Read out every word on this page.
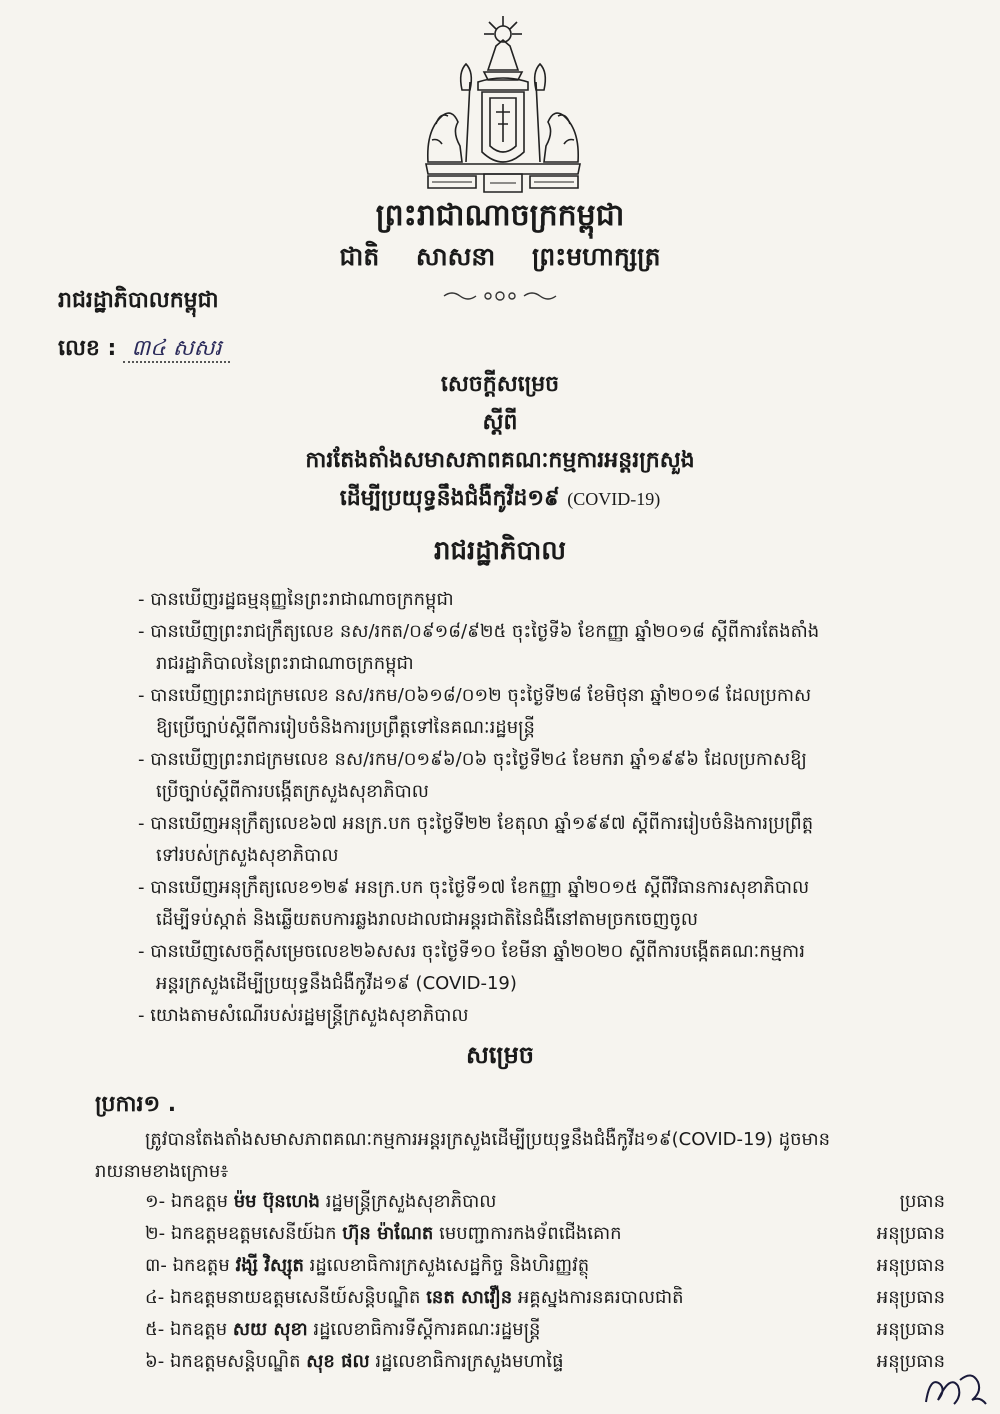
ព្រះរាជាណាចក្រកម្ពុជា
ជាតិ សាសនា ព្រះមហាក្សត្រ
រាជរដ្ឋាភិបាលកម្ពុជា
លេខ : ៣៤ សសរ
សេចក្តីសម្រេច
ស្តីពី
ការតែងតាំងសមាសភាពគណៈកម្មការអន្តរក្រសួង
ដើម្បីប្រយុទ្ធនឹងជំងឺកូវីដ១៩ (COVID-19)
រាជរដ្ឋាភិបាល
- បានឃើញរដ្ឋធម្មនុញ្ញនៃព្រះរាជាណាចក្រកម្ពុជា
- បានឃើញព្រះរាជក្រឹត្យលេខ នស/រកត/០៩១៨/៩២៥ ចុះថ្ងៃទី៦ ខែកញ្ញា ឆ្នាំ២០១៨ ស្តីពីការតែងតាំង
រាជរដ្ឋាភិបាលនៃព្រះរាជាណាចក្រកម្ពុជា
- បានឃើញព្រះរាជក្រមលេខ នស/រកម/០៦១៨/០១២ ចុះថ្ងៃទី២៨ ខែមិថុនា ឆ្នាំ២០១៨ ដែលប្រកាស
ឱ្យប្រើច្បាប់ស្តីពីការរៀបចំនិងការប្រព្រឹត្តទៅនៃគណៈរដ្ឋមន្ត្រី
- បានឃើញព្រះរាជក្រមលេខ នស/រកម/០១៩៦/០៦ ចុះថ្ងៃទី២៤ ខែមករា ឆ្នាំ១៩៩៦ ដែលប្រកាសឱ្យ
ប្រើច្បាប់ស្តីពីការបង្កើតក្រសួងសុខាភិបាល
- បានឃើញអនុក្រឹត្យលេខ៦៧ អនក្រ.បក ចុះថ្ងៃទី២២ ខែតុលា ឆ្នាំ១៩៩៧ ស្តីពីការរៀបចំនិងការប្រព្រឹត្ត
ទៅរបស់ក្រសួងសុខាភិបាល
- បានឃើញអនុក្រឹត្យលេខ១២៩ អនក្រ.បក ចុះថ្ងៃទី១៧ ខែកញ្ញា ឆ្នាំ២០១៥ ស្តីពីវិធានការសុខាភិបាល
ដើម្បីទប់ស្កាត់ និងឆ្លើយតបការឆ្លងរាលដាលជាអន្តរជាតិនៃជំងឺនៅតាមច្រកចេញចូល
- បានឃើញសេចក្តីសម្រេចលេខ២៦សសរ ចុះថ្ងៃទី១០ ខែមីនា ឆ្នាំ២០២០ ស្តីពីការបង្កើតគណៈកម្មការ
អន្តរក្រសួងដើម្បីប្រយុទ្ធនឹងជំងឺកូវីដ១៩ (COVID-19)
- យោងតាមសំណើរបស់រដ្ឋមន្ត្រីក្រសួងសុខាភិបាល
សម្រេច
ប្រការ១ .
ត្រូវបានតែងតាំងសមាសភាពគណៈកម្មការអន្តរក្រសួងដើម្បីប្រយុទ្ធនឹងជំងឺកូវីដ១៩(COVID-19) ដូចមាន
រាយនាមខាងក្រោម៖
១- ឯកឧត្តម ម៉ម ប៊ុនហេង រដ្ឋមន្ត្រីក្រសួងសុខាភិបាល	ប្រធាន
២- ឯកឧត្តមឧត្តមសេនីយ៍ឯក ហ៊ុន ម៉ាណែត មេបញ្ជាការកងទ័ពជើងគោក	អនុប្រធាន
៣- ឯកឧត្តម វង្សី វិស្សុត រដ្ឋលេខាធិការក្រសួងសេដ្ឋកិច្ច និងហិរញ្ញវត្ថុ	អនុប្រធាន
៤- ឯកឧត្តមនាយឧត្តមសេនីយ៍សន្តិបណ្ឌិត នេត សាវឿន អគ្គស្នងការនគរបាលជាតិ	អនុប្រធាន
៥- ឯកឧត្តម សយ សុខា រដ្ឋលេខាធិការទីស្តីការគណៈរដ្ឋមន្ត្រី	អនុប្រធាន
៦- ឯកឧត្តមសន្តិបណ្ឌិត សុខ ផល រដ្ឋលេខាធិការក្រសួងមហាផ្ទៃ	អនុប្រធាន
